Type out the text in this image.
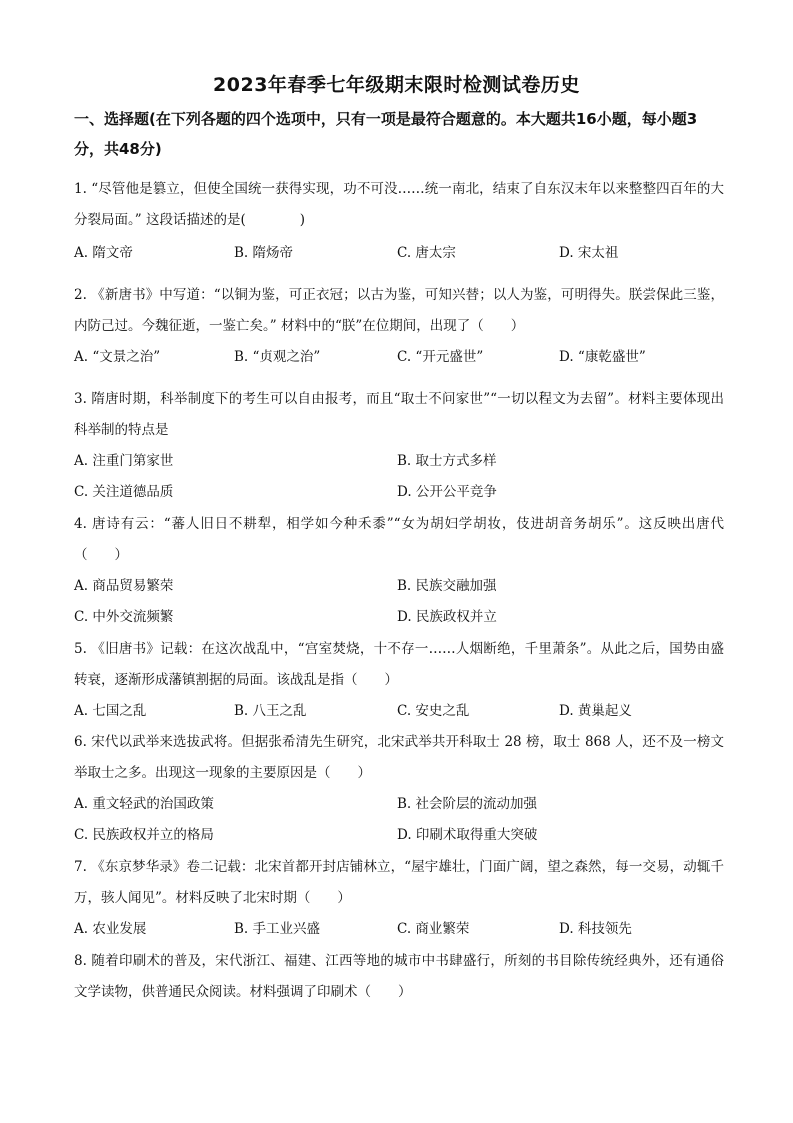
2023年春季七年级期末限时检测试卷历史
一、选择题(在下列各题的四个选项中，只有一项是最符合题意的。本大题共16小题，每小题3分，共48分)
1. “尽管他是篡立，但使全国统一获得实现，功不可没……统一南北，结束了自东汉末年以来整整四百年的大分裂局面。” 这段话描述的是(　　　　)
A. 隋文帝	B. 隋炀帝	C. 唐太宗	D. 宋太祖
2. 《新唐书》中写道：“以铜为鉴，可正衣冠；以古为鉴，可知兴替；以人为鉴，可明得失。朕尝保此三鉴，内防己过。今魏征逝，一鉴亡矣。” 材料中的“朕”在位期间，出现了（　　）
A. “文景之治”	B. “贞观之治”	C. “开元盛世”	D. “康乾盛世”
3. 隋唐时期，科举制度下的考生可以自由报考，而且“取士不问家世”“一切以程文为去留”。材料主要体现出科举制的特点是
A. 注重门第家世	B. 取士方式多样
C. 关注道德品质	D. 公开公平竞争
4. 唐诗有云：“蕃人旧日不耕犁，相学如今种禾黍”“女为胡妇学胡妆，伎进胡音务胡乐”。这反映出唐代（　　）
A. 商品贸易繁荣	B. 民族交融加强
C. 中外交流频繁	D. 民族政权并立
5. 《旧唐书》记载：在这次战乱中，“宫室焚烧，十不存一……人烟断绝，千里萧条”。从此之后，国势由盛转衰，逐渐形成藩镇割据的局面。该战乱是指（　　）
A. 七国之乱	B. 八王之乱	C. 安史之乱	D. 黄巢起义
6. 宋代以武举来选拔武将。但据张希清先生研究，北宋武举共开科取士 28 榜，取士 868 人，还不及一榜文举取士之多。出现这一现象的主要原因是（　　）
A. 重文轻武的治国政策	B. 社会阶层的流动加强
C. 民族政权并立的格局	D. 印刷术取得重大突破
7. 《东京梦华录》卷二记载：北宋首都开封店铺林立，“屋宇雄壮，门面广阔，望之森然，每一交易，动辄千万，骇人闻见”。材料反映了北宋时期（　　）
A. 农业发展	B. 手工业兴盛	C. 商业繁荣	D. 科技领先
8. 随着印刷术的普及，宋代浙江、福建、江西等地的城市中书肆盛行，所刻的书目除传统经典外，还有通俗文学读物，供普通民众阅读。材料强调了印刷术（　　）
